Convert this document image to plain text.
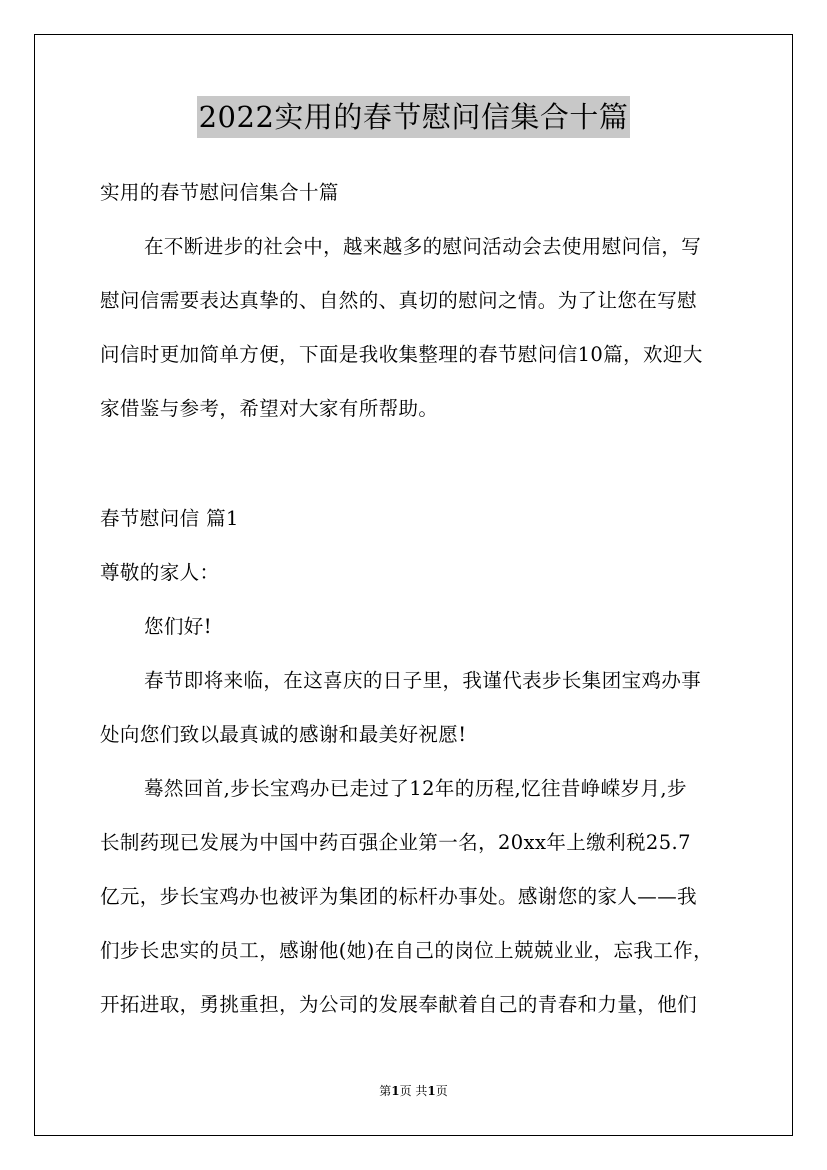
2022实用的春节慰问信集合十篇
实用的春节慰问信集合十篇
在不断进步的社会中，越来越多的慰问活动会去使用慰问信，写
慰问信需要表达真挚的、自然的、真切的慰问之情。为了让您在写慰
问信时更加简单方便，下面是我收集整理的春节慰问信10篇，欢迎大
家借鉴与参考，希望对大家有所帮助。
春节慰问信 篇1
尊敬的家人：
您们好!
春节即将来临，在这喜庆的日子里，我谨代表步长集团宝鸡办事
处向您们致以最真诚的感谢和最美好祝愿!
蓦然回首,步长宝鸡办已走过了12年的历程,忆往昔峥嵘岁月,步
长制药现已发展为中国中药百强企业第一名，20xx年上缴利税25.7
亿元，步长宝鸡办也被评为集团的标杆办事处。感谢您的家人——我
们步长忠实的员工，感谢他(她)在自己的岗位上兢兢业业，忘我工作，
开拓进取，勇挑重担，为公司的发展奉献着自己的青春和力量，他们
第1页 共1页
